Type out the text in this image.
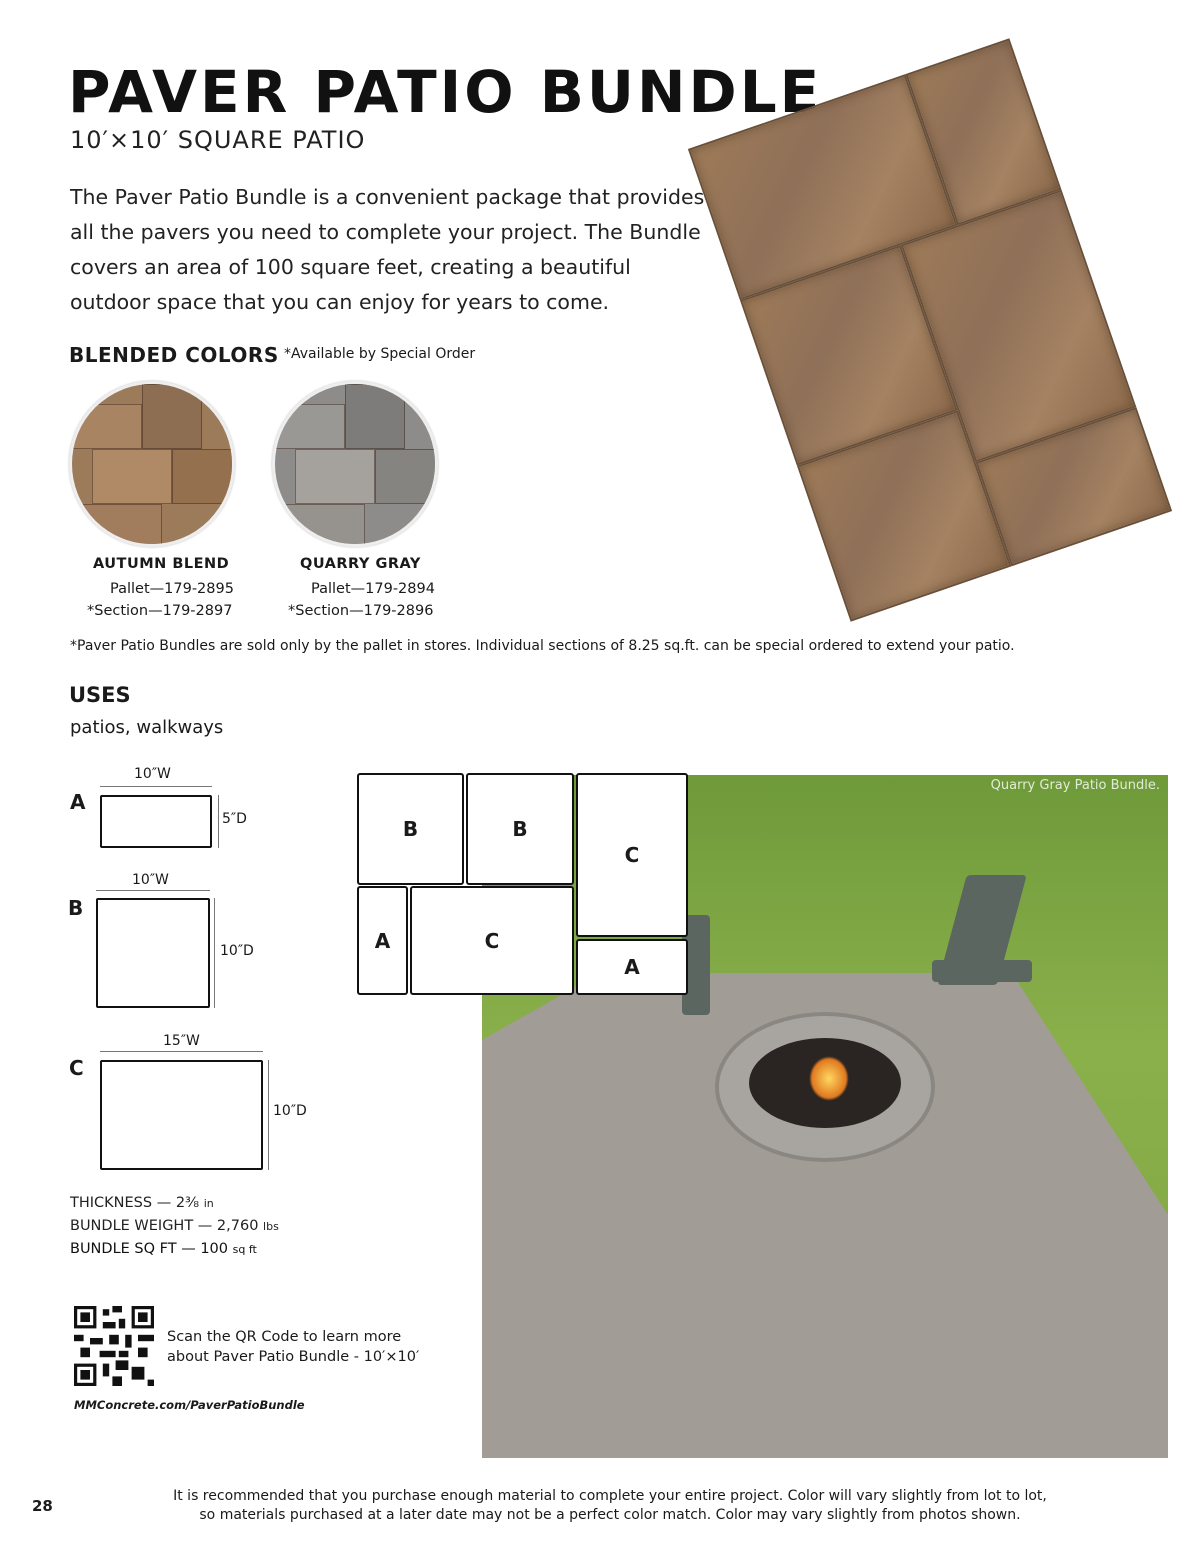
PAVER PATIO BUNDLE
10′×10′ SQUARE PATIO
The Paver Patio Bundle is a convenient package that provides all the pavers you need to complete your project. The Bundle covers an area of 100 square feet, creating a beautiful outdoor space that you can enjoy for years to come.
BLENDED COLORS *Available by Special Order
AUTUMN BLEND
Pallet—179-2895
*Section—179-2897
QUARRY GRAY
Pallet—179-2894
*Section—179-2896
*Paver Patio Bundles are sold only by the pallet in stores. Individual sections of 8.25 sq.ft. can be special ordered to extend your patio.
USES
patios, walkways
A
10″W
5″D
B
10″W
10″D
C
15″W
10″D
THICKNESS — 2⅜ in
BUNDLE WEIGHT — 2,760 lbs
BUNDLE SQ FT — 100 sq ft
Scan the QR Code to learn more
about Paver Patio Bundle - 10′×10′
MMConcrete.com/PaverPatioBundle
Quarry Gray Patio Bundle.
B	B
C
A	C
A
It is recommended that you purchase enough material to complete your entire project. Color will vary slightly from lot to lot,
so materials purchased at a later date may not be a perfect color match. Color may vary slightly from photos shown.
28
